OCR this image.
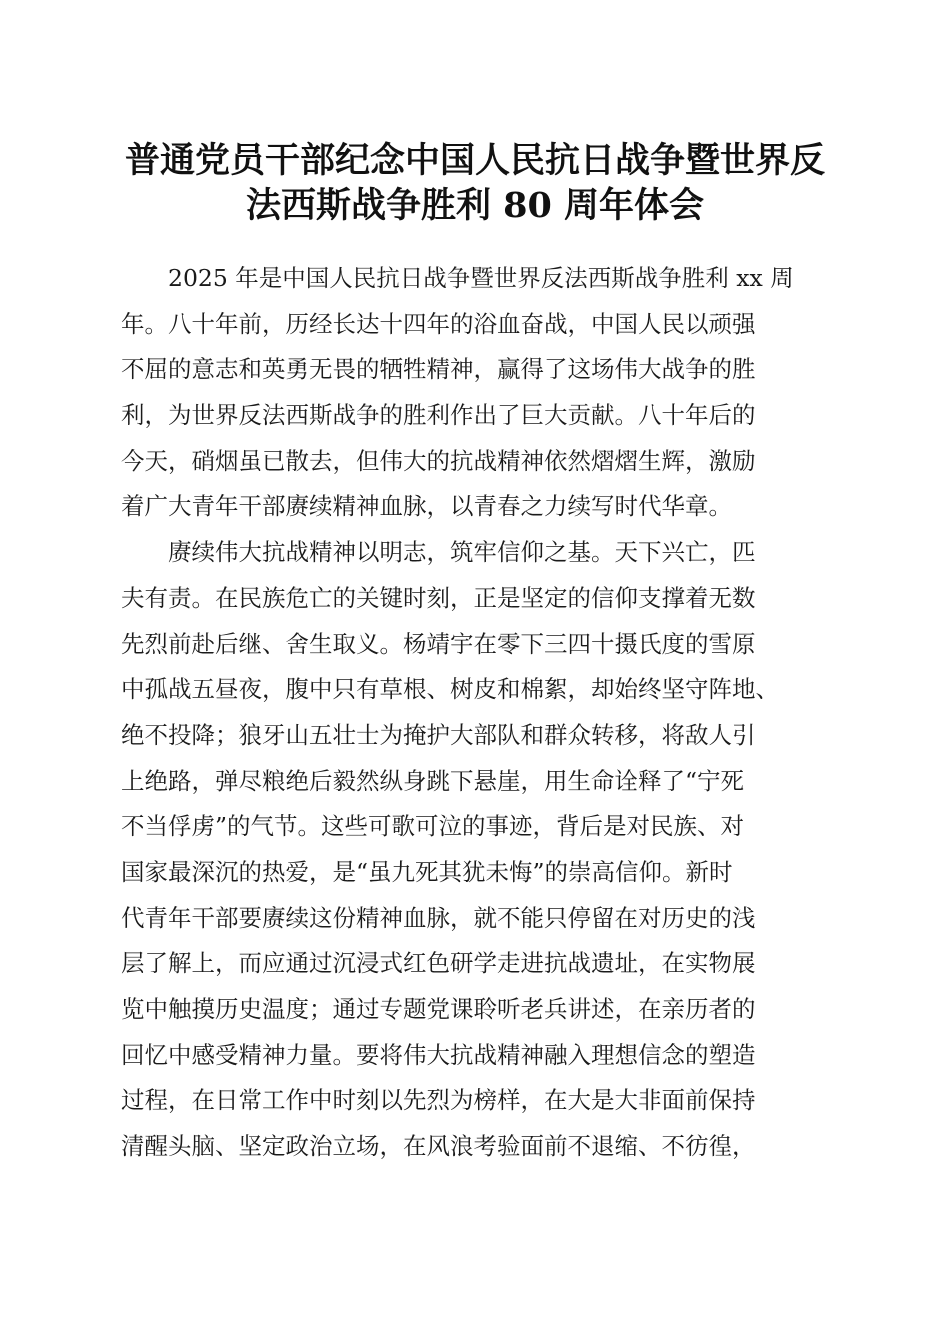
普通党员干部纪念中国人民抗日战争暨世界反
法西斯战争胜利 80 周年体会
2025 年是中国人民抗日战争暨世界反法西斯战争胜利 xx 周
年。八十年前，历经长达十四年的浴血奋战，中国人民以顽强
不屈的意志和英勇无畏的牺牲精神，赢得了这场伟大战争的胜
利，为世界反法西斯战争的胜利作出了巨大贡献。八十年后的
今天，硝烟虽已散去，但伟大的抗战精神依然熠熠生辉，激励
着广大青年干部赓续精神血脉，以青春之力续写时代华章。
赓续伟大抗战精神以明志，筑牢信仰之基。天下兴亡，匹
夫有责。在民族危亡的关键时刻，正是坚定的信仰支撑着无数
先烈前赴后继、舍生取义。杨靖宇在零下三四十摄氏度的雪原
中孤战五昼夜，腹中只有草根、树皮和棉絮，却始终坚守阵地、
绝不投降；狼牙山五壮士为掩护大部队和群众转移，将敌人引
上绝路，弹尽粮绝后毅然纵身跳下悬崖，用生命诠释了“宁死
不当俘虏”的气节。这些可歌可泣的事迹，背后是对民族、对
国家最深沉的热爱，是“虽九死其犹未悔”的崇高信仰。新时
代青年干部要赓续这份精神血脉，就不能只停留在对历史的浅
层了解上，而应通过沉浸式红色研学走进抗战遗址，在实物展
览中触摸历史温度；通过专题党课聆听老兵讲述，在亲历者的
回忆中感受精神力量。要将伟大抗战精神融入理想信念的塑造
过程，在日常工作中时刻以先烈为榜样，在大是大非面前保持
清醒头脑、坚定政治立场，在风浪考验面前不退缩、不彷徨，
